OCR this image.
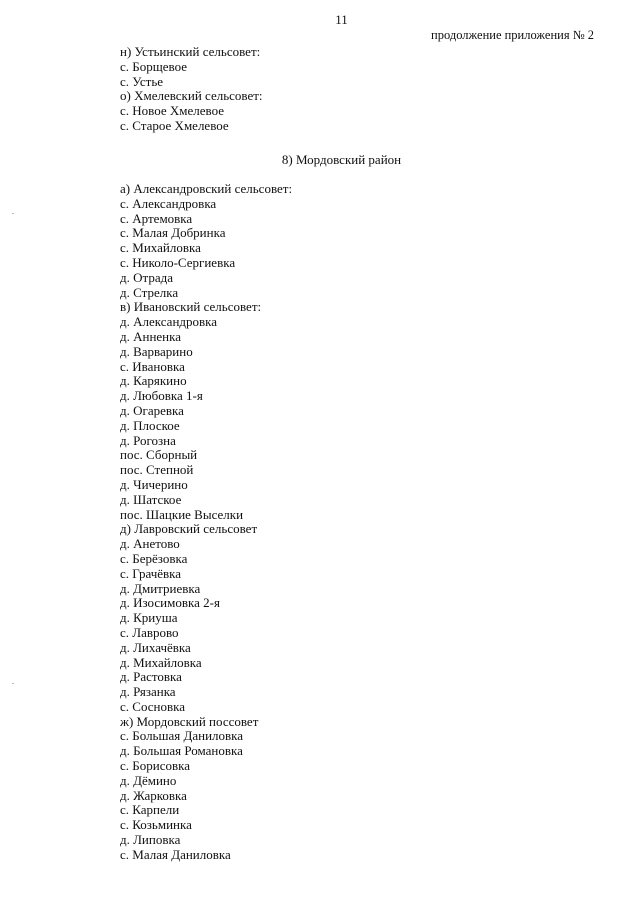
11
продолжение приложения № 2
н) Устьинский сельсовет:
с. Борщевое
с. Устье
о) Хмелевский сельсовет:
с. Новое Хмелевое
с. Старое Хмелевое
8) Мордовский район
а) Александровский сельсовет:
с. Александровка
с. Артемовка
с. Малая Добринка
с. Михайловка
с. Николо-Сергиевка
д. Отрада
д. Стрелка
в) Ивановский сельсовет:
д. Александровка
д. Анненка
д. Варварино
с. Ивановка
д. Карякино
д. Любовка 1-я
д. Огаревка
д. Плоское
д. Рогозна
пос. Сборный
пос. Степной
д. Чичерино
д. Шатское
пос. Шацкие Выселки
д) Лавровский сельсовет
д. Анетово
с. Берёзовка
с. Грачёвка
д. Дмитриевка
д. Изосимовка 2-я
д. Криуша
с. Лаврово
д. Лихачёвка
д. Михайловка
д. Растовка
д. Рязанка
с. Сосновка
ж) Мордовский поссовет
с. Большая Даниловка
д. Большая Романовка
с. Борисовка
д. Дёмино
д. Жарковка
с. Карпели
с. Козьминка
д. Липовка
с. Малая Даниловка
